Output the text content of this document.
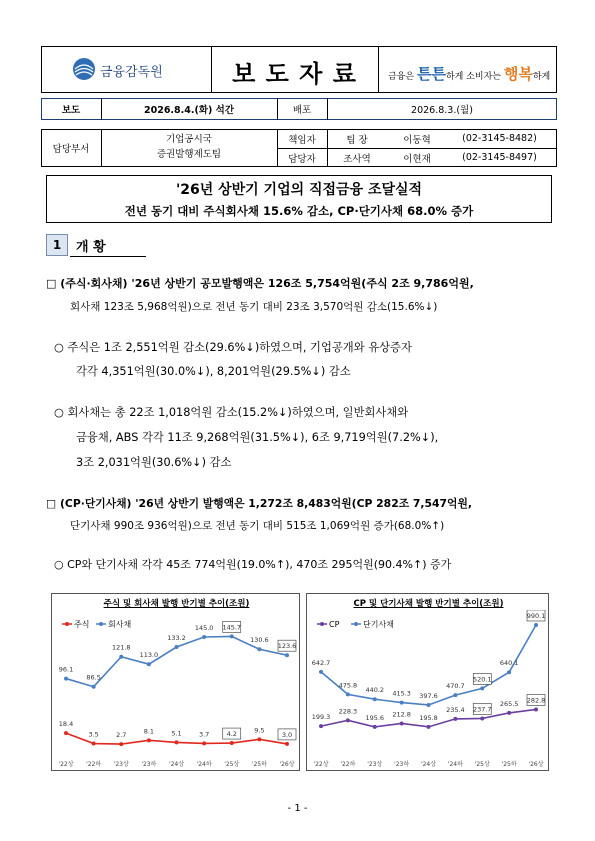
금융감독원	보 도 자 료	금융은 튼튼하게 소비자는 행복하게
보도	2026.8.4.(화) 석간	배포	2026.8.3.(월)
담당부서
기업공시국
증권발행제도팀
책임자	팀 장	이동혁	(02-3145-8482)
담당자	조사역	이현재	(02-3145-8497)
'26년 상반기 기업의 직접금융 조달실적
전년 동기 대비 주식회사채 15.6% 감소, CP·단기사채 68.0% 증가
1	개 황
□ (주식·회사채) '26년 상반기 공모발행액은 126조 5,754억원(주식 2조 9,786억원,
회사채 123조 5,968억원)으로 전년 동기 대비 23조 3,570억원 감소(15.6%↓)
○ 주식은 1조 2,551억원 감소(29.6%↓)하였으며, 기업공개와 유상증자
각각 4,351억원(30.0%↓), 8,201억원(29.5%↓) 감소
○ 회사채는 총 22조 1,018억원 감소(15.2%↓)하였으며, 일반회사채와
금융채, ABS 각각 11조 9,268억원(31.5%↓), 6조 9,719억원(7.2%↓),
3조 2,031억원(30.6%↓) 감소
□ (CP·단기사채) '26년 상반기 발행액은 1,272조 8,483억원(CP 282조 7,547억원,
단기사채 990조 936억원)으로 전년 동기 대비 515조 1,069억원 증가(68.0%↑)
○ CP와 단기사채 각각 45조 774억원(19.0%↑), 470조 295억원(90.4%↑) 증가
주식 및 회사채 발행 반기별 추이(조원)
주식 회사채
18.4
3.5	2.7	8.1	5.1	3.7	4.2	9.5
3.0
96.1
86.5
121.8
113.0
133.2
145.0 145.7
130.6
123.6
'22상 '22하 '23상 '23하 '24상 '24하 '25상 '25하 '26상
CP 및 단기사채 발행 반기별 추이(조원)
CP	단기사채
199.3
228.3
195.6 212.8 195.8
235.4 237.7
265.5 282.8
642.7
475.8
440.2 415.3 397.6
470.7
520.1
640.1
990.1
'22상 '22하 '23상 '23하 '24상 '24하 '25상 '25하 '26상
- 1 -
